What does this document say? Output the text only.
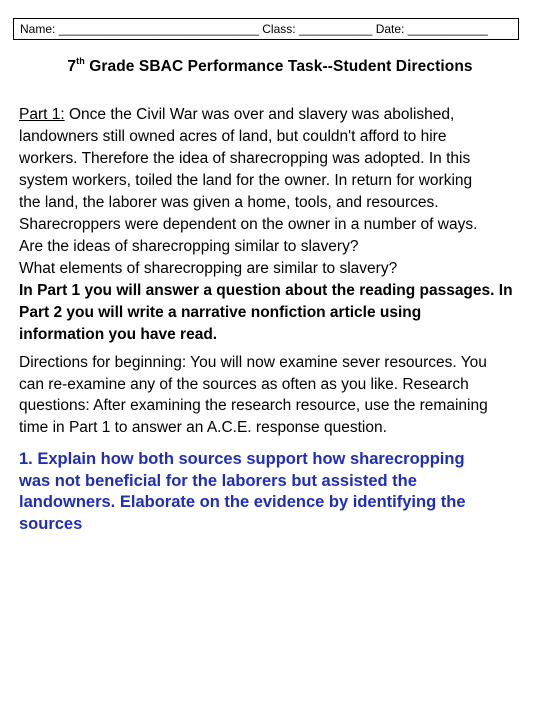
Name: ______________________________ Class: ___________ Date: ____________
7th Grade SBAC Performance Task--Student Directions
Part 1: Once the Civil War was over and slavery was abolished,
landowners still owned acres of land, but couldn't afford to hire
workers. Therefore the idea of sharecropping was adopted. In this
system workers, toiled the land for the owner. In return for working
the land, the laborer was given a home, tools, and resources.
Sharecroppers were dependent on the owner in a number of ways.
Are the ideas of sharecropping similar to slavery?
What elements of sharecropping are similar to slavery?
In Part 1 you will answer a question about the reading passages. In
Part 2 you will write a narrative nonfiction article using
information you have read.
Directions for beginning: You will now examine sever resources. You
can re-examine any of the sources as often as you like. Research
questions: After examining the research resource, use the remaining
time in Part 1 to answer an A.C.E. response question.
1. Explain how both sources support how sharecropping
was not beneficial for the laborers but assisted the
landowners. Elaborate on the evidence by identifying the
sources
